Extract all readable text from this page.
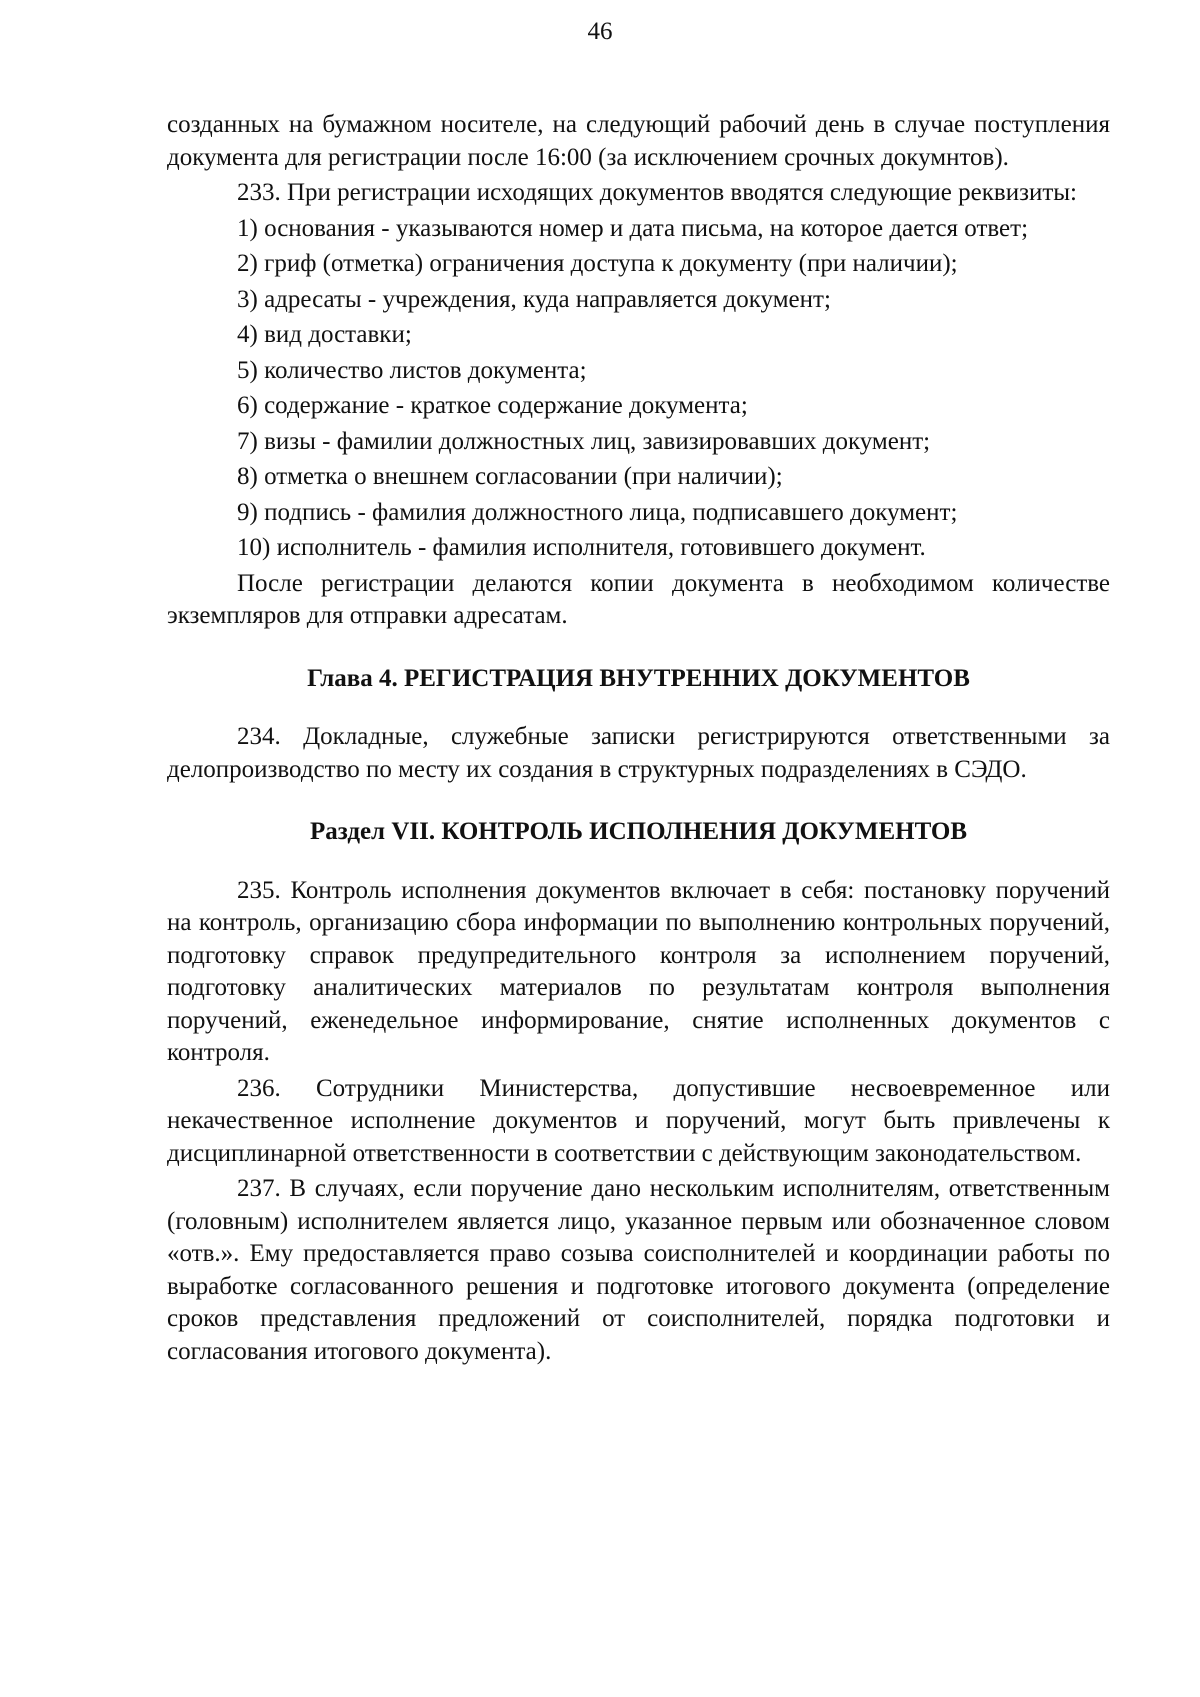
46

созданных на бумажном носителе, на следующий рабочий день в случае поступления документа для регистрации после 16:00 (за исключением срочных докумнтов).

233. При регистрации исходящих документов вводятся следующие реквизиты:

1) основания - указываются номер и дата письма, на которое дается ответ;

2) гриф (отметка) ограничения доступа к документу (при наличии);

3) адресаты - учреждения, куда направляется документ;

4) вид доставки;

5) количество листов документа;

6) содержание - краткое содержание документа;

7) визы - фамилии должностных лиц, завизировавших документ;

8) отметка о внешнем согласовании (при наличии);

9) подпись - фамилия должностного лица, подписавшего документ;

10) исполнитель - фамилия исполнителя, готовившего документ.

После регистрации делаются копии документа в необходимом количестве экземпляров для отправки адресатам.

Глава 4. РЕГИСТРАЦИЯ ВНУТРЕННИХ ДОКУМЕНТОВ

234. Докладные, служебные записки регистрируются ответственными за делопроизводство по месту их создания в структурных подразделениях в СЭДО.

Раздел VII. КОНТРОЛЬ ИСПОЛНЕНИЯ ДОКУМЕНТОВ

235. Контроль исполнения документов включает в себя: постановку поручений на контроль, организацию сбора информации по выполнению контрольных поручений, подготовку справок предупредительного контроля за исполнением поручений, подготовку аналитических материалов по результатам контроля выполнения поручений, еженедельное информирование, снятие исполненных документов с контроля.

236. Сотрудники Министерства, допустившие несвоевременное или некачественное исполнение документов и поручений, могут быть привлечены к дисциплинарной ответственности в соответствии с действующим законодательством.

237. В случаях, если поручение дано нескольким исполнителям, ответственным (головным) исполнителем является лицо, указанное первым или обозначенное словом «отв.». Ему предоставляется право созыва соисполнителей и координации работы по выработке согласованного решения и подготовке итогового документа (определение сроков представления предложений от соисполнителей, порядка подготовки и согласования итогового документа).
